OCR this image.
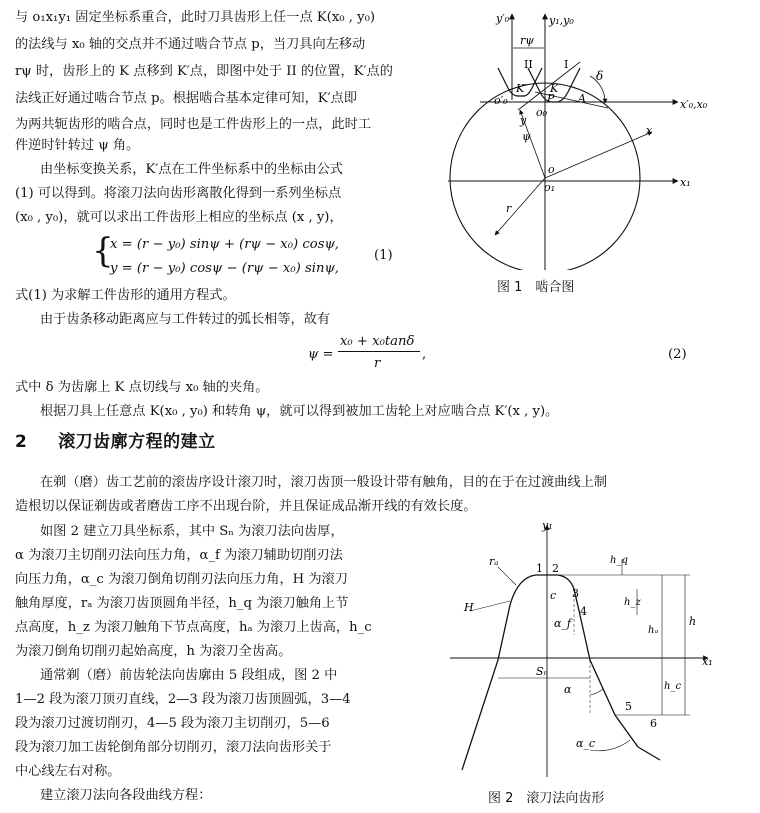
与 o₁x₁y₁ 固定坐标系重合，此时刀具齿形上任一点 K(x₀ , y₀)
的法线与 x₀ 轴的交点并不通过啮合节点 p，当刀具向左移动
rψ 时，齿形上的 K 点移到 K′点，即图中处于 II 的位置，K′点的
法线正好通过啮合节点 p。根据啮合基本定律可知，K′点即
为两共轭齿形的啮合点，同时也是工件齿形上的一点，此时工
件逆时针转过 ψ 角。
由坐标变换关系，K′点在工件坐标系中的坐标由公式
(1) 可以得到。将滚刀法向齿形离散化得到一系列坐标点
(x₀ , y₀)，就可以求出工件齿形上相应的坐标点 (x , y)，
{
x = (r − y₀) sinψ + (rψ − x₀) cosψ,
y = (r − y₀) cosψ − (rψ − x₀) sinψ,
(1)
式(1) 为求解工件齿形的通用方程式。
由于齿条移动距离应与工件转过的弧长相等，故有
ψ =
x₀ + x₀tanδ
r
,	(2)
式中 δ 为齿廓上 K 点切线与 x₀ 轴的夹角。
根据刀具上任意点 K(x₀ , y₀) 和转角 ψ，就可以得到被加工齿轮上对应啮合点 K′(x , y)。
2 滚刀齿廓方程的建立
在剃（磨）齿工艺前的滚齿序设计滚刀时，滚刀齿顶一般设计带有触角，目的在于在过渡曲线上制
造根切以保证剃齿或者磨齿工序不出现台阶，并且保证成品渐开线的有效长度。
如图 2 建立刀具坐标系，其中 Sₙ 为滚刀法向齿厚，
α 为滚刀主切削刃法向压力角，α_f 为滚刀辅助切削刃法
向压力角，α_c 为滚刀倒角切削刃法向压力角，H 为滚刀
触角厚度，rₐ 为滚刀齿顶圆角半径，h_q 为滚刀触角上节
点高度，h_z 为滚刀触角下节点高度，hₐ 为滚刀上齿高，h_c
为滚刀倒角切削刃起始高度，h 为滚刀全齿高。
通常剃（磨）前齿轮法向齿廓由 5 段组成，图 2 中
1—2 段为滚刀顶刃直线，2—3 段为滚刀齿顶圆弧，3—4
段为滚刀过渡切削刃，4—5 段为滚刀主切削刃，5—6
段为滚刀加工齿轮倒角部分切削刃，滚刀法向齿形关于
中心线左右对称。
建立滚刀法向各段曲线方程：
y′₀	y₁,y₀
rψ
II	I
δ
o′₀
K′ K
P A	x′₀,x₀
o₀
y
ψ	x
o
o₁	x₁
r
图 1　啮合图
y₁
rₐ
1 2
3
4
5
6
c
h_q
h_z
hₐ
h
h_c
H
α_f
x₁
Sₙ
α
α_c
图 2　滚刀法向齿形
